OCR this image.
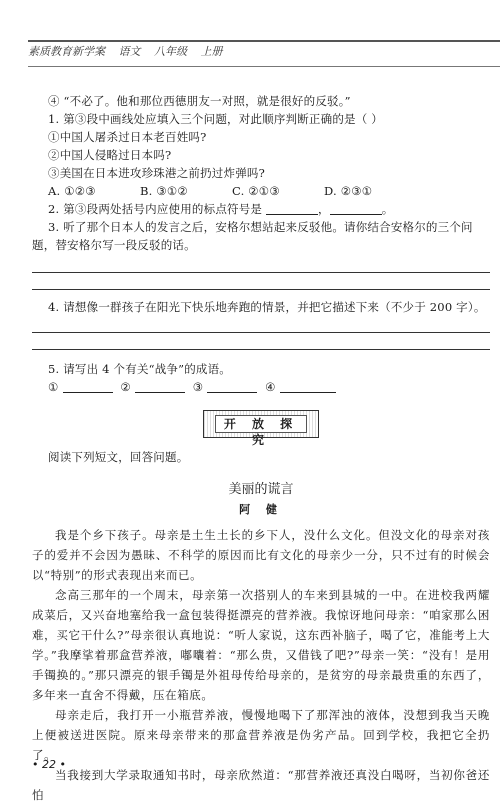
素质教育新学案 语文 八年级 上册
④ “不必了。他和那位西德朋友一对照，就是很好的反驳。”
1. 第③段中画线处应填入三个问题，对此顺序判断正确的是（ ）
①中国人屠杀过日本老百姓吗?
②中国人侵略过日本吗?
③美国在日本进攻珍珠港之前扔过炸弹吗?
A. ①②③	B. ③①②	C. ②①③	D. ②③①
2. 第③段两处括号内应使用的标点符号是	，	。
3. 听了那个日本人的发言之后，安格尔想站起来反驳他。请你结合安格尔的三个问
题，替安格尔写一段反驳的话。
4. 请想像一群孩子在阳光下快乐地奔跑的情景，并把它描述下来（不少于 200 字）。
5. 请写出 4 个有关“战争”的成语。
①	②	③	④
开 放 探 究
阅读下列短文，回答问题。
美丽的谎言
阿 健
我是个乡下孩子。母亲是土生土长的乡下人，没什么文化。但没文化的母亲对孩子的爱并不会因为愚昧、不科学的原因而比有文化的母亲少一分，只不过有的时候会以“特别”的形式表现出来而已。
念高三那年的一个周末，母亲第一次搭别人的车来到县城的一中。在进校我两耀成菜后，又兴奋地塞给我一盒包装得挺漂亮的营养液。我惊讶地问母亲：“咱家那么困难，买它干什么?”母亲很认真地说：“听人家说，这东西补脑子，喝了它，准能考上大学。”我摩挲着那盒营养液，嘟囔着：“那么贵，又借钱了吧?”母亲一笑：“没有！是用手镯换的。”那只漂亮的银手镯是外祖母传给母亲的，是贫穷的母亲最贵重的东西了，多年来一直舍不得戴，压在箱底。
母亲走后，我打开一小瓶营养液，慢慢地喝下了那浑浊的液体，没想到我当天晚上便被送进医院。原来母亲带来的那盒营养液是伪劣产品。回到学校，我把它全扔了。
当我接到大学录取通知书时，母亲欣然道：“那营养液还真没白喝呀，当初你爸还怕
• 22 •
